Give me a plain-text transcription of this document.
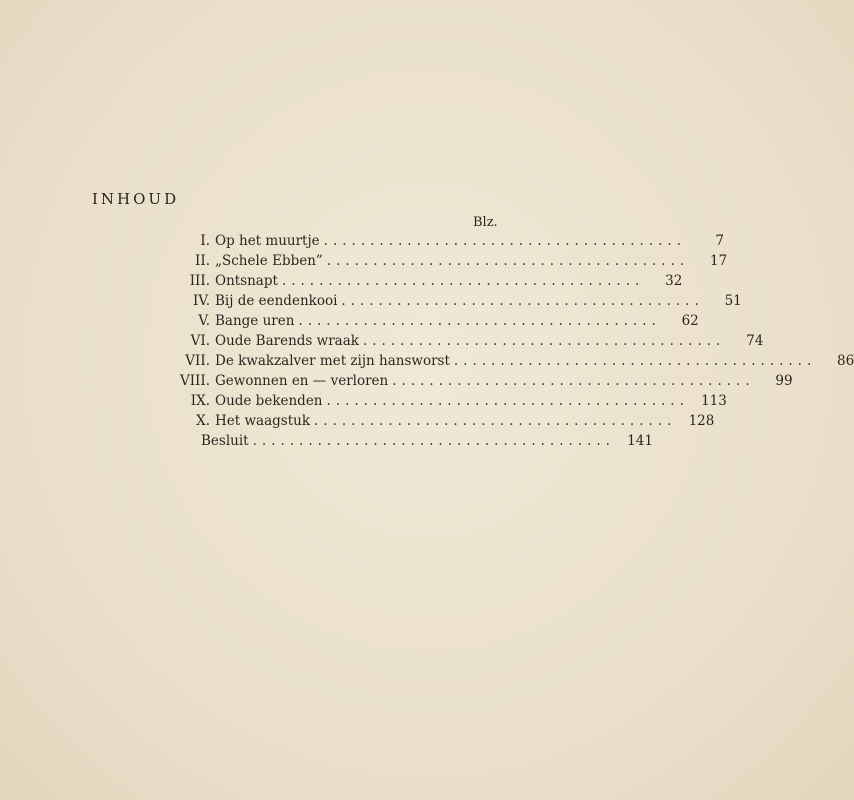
INHOUD
Blz.
I. Op het muurtje .......................................	7
II. „Schele Ebben” .......................................	17
III. Ontsnapt .......................................	32
IV. Bij de eendenkooi .......................................	51
V. Bange uren .......................................	62
VI. Oude Barends wraak .......................................	74
VII. De kwakzalver met zijn hansworst .......................................	86
VIII. Gewonnen en — verloren .......................................	99
IX. Oude bekenden ....................................... 113
X. Het waagstuk ....................................... 128
Besluit ....................................... 141
